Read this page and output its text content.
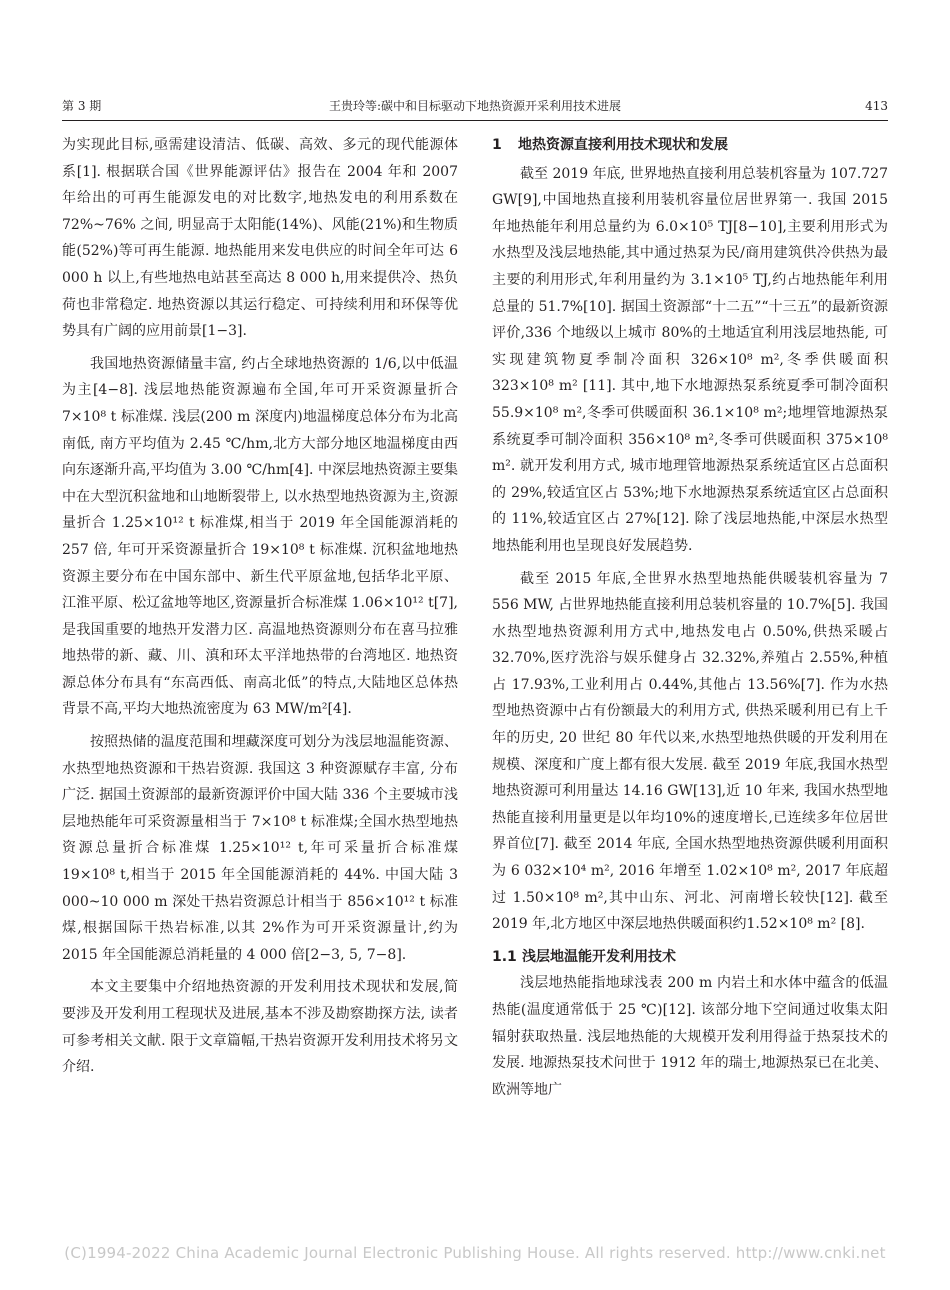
第 3 期	王贵玲等:碳中和目标驱动下地热资源开采利用技术进展	413

为实现此目标,亟需建设清洁、低碳、高效、多元的现代能源体系[1]. 根据联合国《世界能源评估》报告在 2004 年和 2007 年给出的可再生能源发电的对比数字,地热发电的利用系数在 72%~76% 之间, 明显高于太阳能(14%)、风能(21%)和生物质能(52%)等可再生能源. 地热能用来发电供应的时间全年可达 6 000 h 以上,有些地热电站甚至高达 8 000 h,用来提供冷、热负荷也非常稳定. 地热资源以其运行稳定、可持续利用和环保等优势具有广阔的应用前景[1−3].

我国地热资源储量丰富, 约占全球地热资源的 1/6,以中低温为主[4−8]. 浅层地热能资源遍布全国,年可开采资源量折合 7×10⁸ t 标准煤. 浅层(200 m 深度内)地温梯度总体分布为北高南低, 南方平均值为 2.45 ℃/hm,北方大部分地区地温梯度由西向东逐渐升高,平均值为 3.00 ℃/hm[4]. 中深层地热资源主要集中在大型沉积盆地和山地断裂带上, 以水热型地热资源为主,资源量折合 1.25×10¹² t 标准煤,相当于 2019 年全国能源消耗的 257 倍, 年可开采资源量折合 19×10⁸ t 标准煤. 沉积盆地地热资源主要分布在中国东部中、新生代平原盆地,包括华北平原、江淮平原、松辽盆地等地区,资源量折合标准煤 1.06×10¹² t[7],是我国重要的地热开发潜力区. 高温地热资源则分布在喜马拉雅地热带的新、藏、川、滇和环太平洋地热带的台湾地区. 地热资源总体分布具有“东高西低、南高北低”的特点,大陆地区总体热背景不高,平均大地热流密度为 63 MW/m²[4].

按照热储的温度范围和埋藏深度可划分为浅层地温能资源、水热型地热资源和干热岩资源. 我国这 3 种资源赋存丰富, 分布广泛. 据国土资源部的最新资源评价中国大陆 336 个主要城市浅层地热能年可采资源量相当于 7×10⁸ t 标准煤;全国水热型地热资源总量折合标准煤 1.25×10¹² t,年可采量折合标准煤 19×10⁸ t,相当于 2015 年全国能源消耗的 44%. 中国大陆 3 000~10 000 m 深处干热岩资源总计相当于 856×10¹² t 标准煤,根据国际干热岩标准,以其 2%作为可开采资源量计,约为 2015 年全国能源总消耗量的 4 000 倍[2−3, 5, 7−8].

本文主要集中介绍地热资源的开发利用技术现状和发展,简要涉及开发利用工程现状及进展,基本不涉及勘察勘探方法, 读者可参考相关文献. 限于文章篇幅,干热岩资源开发利用技术将另文介绍.

1 地热资源直接利用技术现状和发展

截至 2019 年底, 世界地热直接利用总装机容量为 107.727 GW[9],中国地热直接利用装机容量位居世界第一. 我国 2015 年地热能年利用总量约为 6.0×10⁵ TJ[8−10],主要利用形式为水热型及浅层地热能,其中通过热泵为民/商用建筑供冷供热为最主要的利用形式,年利用量约为 3.1×10⁵ TJ,约占地热能年利用总量的 51.7%[10]. 据国土资源部“十二五”“十三五”的最新资源评价,336 个地级以上城市 80%的土地适宜利用浅层地热能, 可实现建筑物夏季制冷面积 326×10⁸ m²,冬季供暖面积 323×10⁸ m² [11]. 其中,地下水地源热泵系统夏季可制冷面积 55.9×10⁸ m²,冬季可供暖面积 36.1×10⁸ m²;地埋管地源热泵系统夏季可制冷面积 356×10⁸ m²,冬季可供暖面积 375×10⁸ m². 就开发利用方式, 城市地理管地源热泵系统适宜区占总面积的 29%,较适宜区占 53%;地下水地源热泵系统适宜区占总面积的 11%,较适宜区占 27%[12]. 除了浅层地热能,中深层水热型地热能利用也呈现良好发展趋势.

截至 2015 年底,全世界水热型地热能供暖装机容量为 7 556 MW, 占世界地热能直接利用总装机容量的 10.7%[5]. 我国水热型地热资源利用方式中,地热发电占 0.50%,供热采暖占 32.70%,医疗洗浴与娱乐健身占 32.32%,养殖占 2.55%,种植占 17.93%,工业利用占 0.44%,其他占 13.56%[7]. 作为水热型地热资源中占有份额最大的利用方式, 供热采暖利用已有上千年的历史, 20 世纪 80 年代以来,水热型地热供暖的开发利用在规模、深度和广度上都有很大发展. 截至 2019 年底,我国水热型地热资源可利用量达 14.16 GW[13],近 10 年来, 我国水热型地热能直接利用量更是以年均10%的速度增长,已连续多年位居世界首位[7]. 截至 2014 年底, 全国水热型地热资源供暖利用面积为 6 032×10⁴ m², 2016 年增至 1.02×10⁸ m², 2017 年底超过 1.50×10⁸ m²,其中山东、河北、河南增长较快[12]. 截至 2019 年,北方地区中深层地热供暖面积约1.52×10⁸ m² [8].

1.1 浅层地温能开发利用技术

浅层地热能指地球浅表 200 m 内岩土和水体中蕴含的低温热能(温度通常低于 25 ℃)[12]. 该部分地下空间通过收集太阳辐射获取热量. 浅层地热能的大规模开发利用得益于热泵技术的发展. 地源热泵技术问世于 1912 年的瑞士,地源热泵已在北美、欧洲等地广

(C)1994-2022 China Academic Journal Electronic Publishing House. All rights reserved. http://www.cnki.net
